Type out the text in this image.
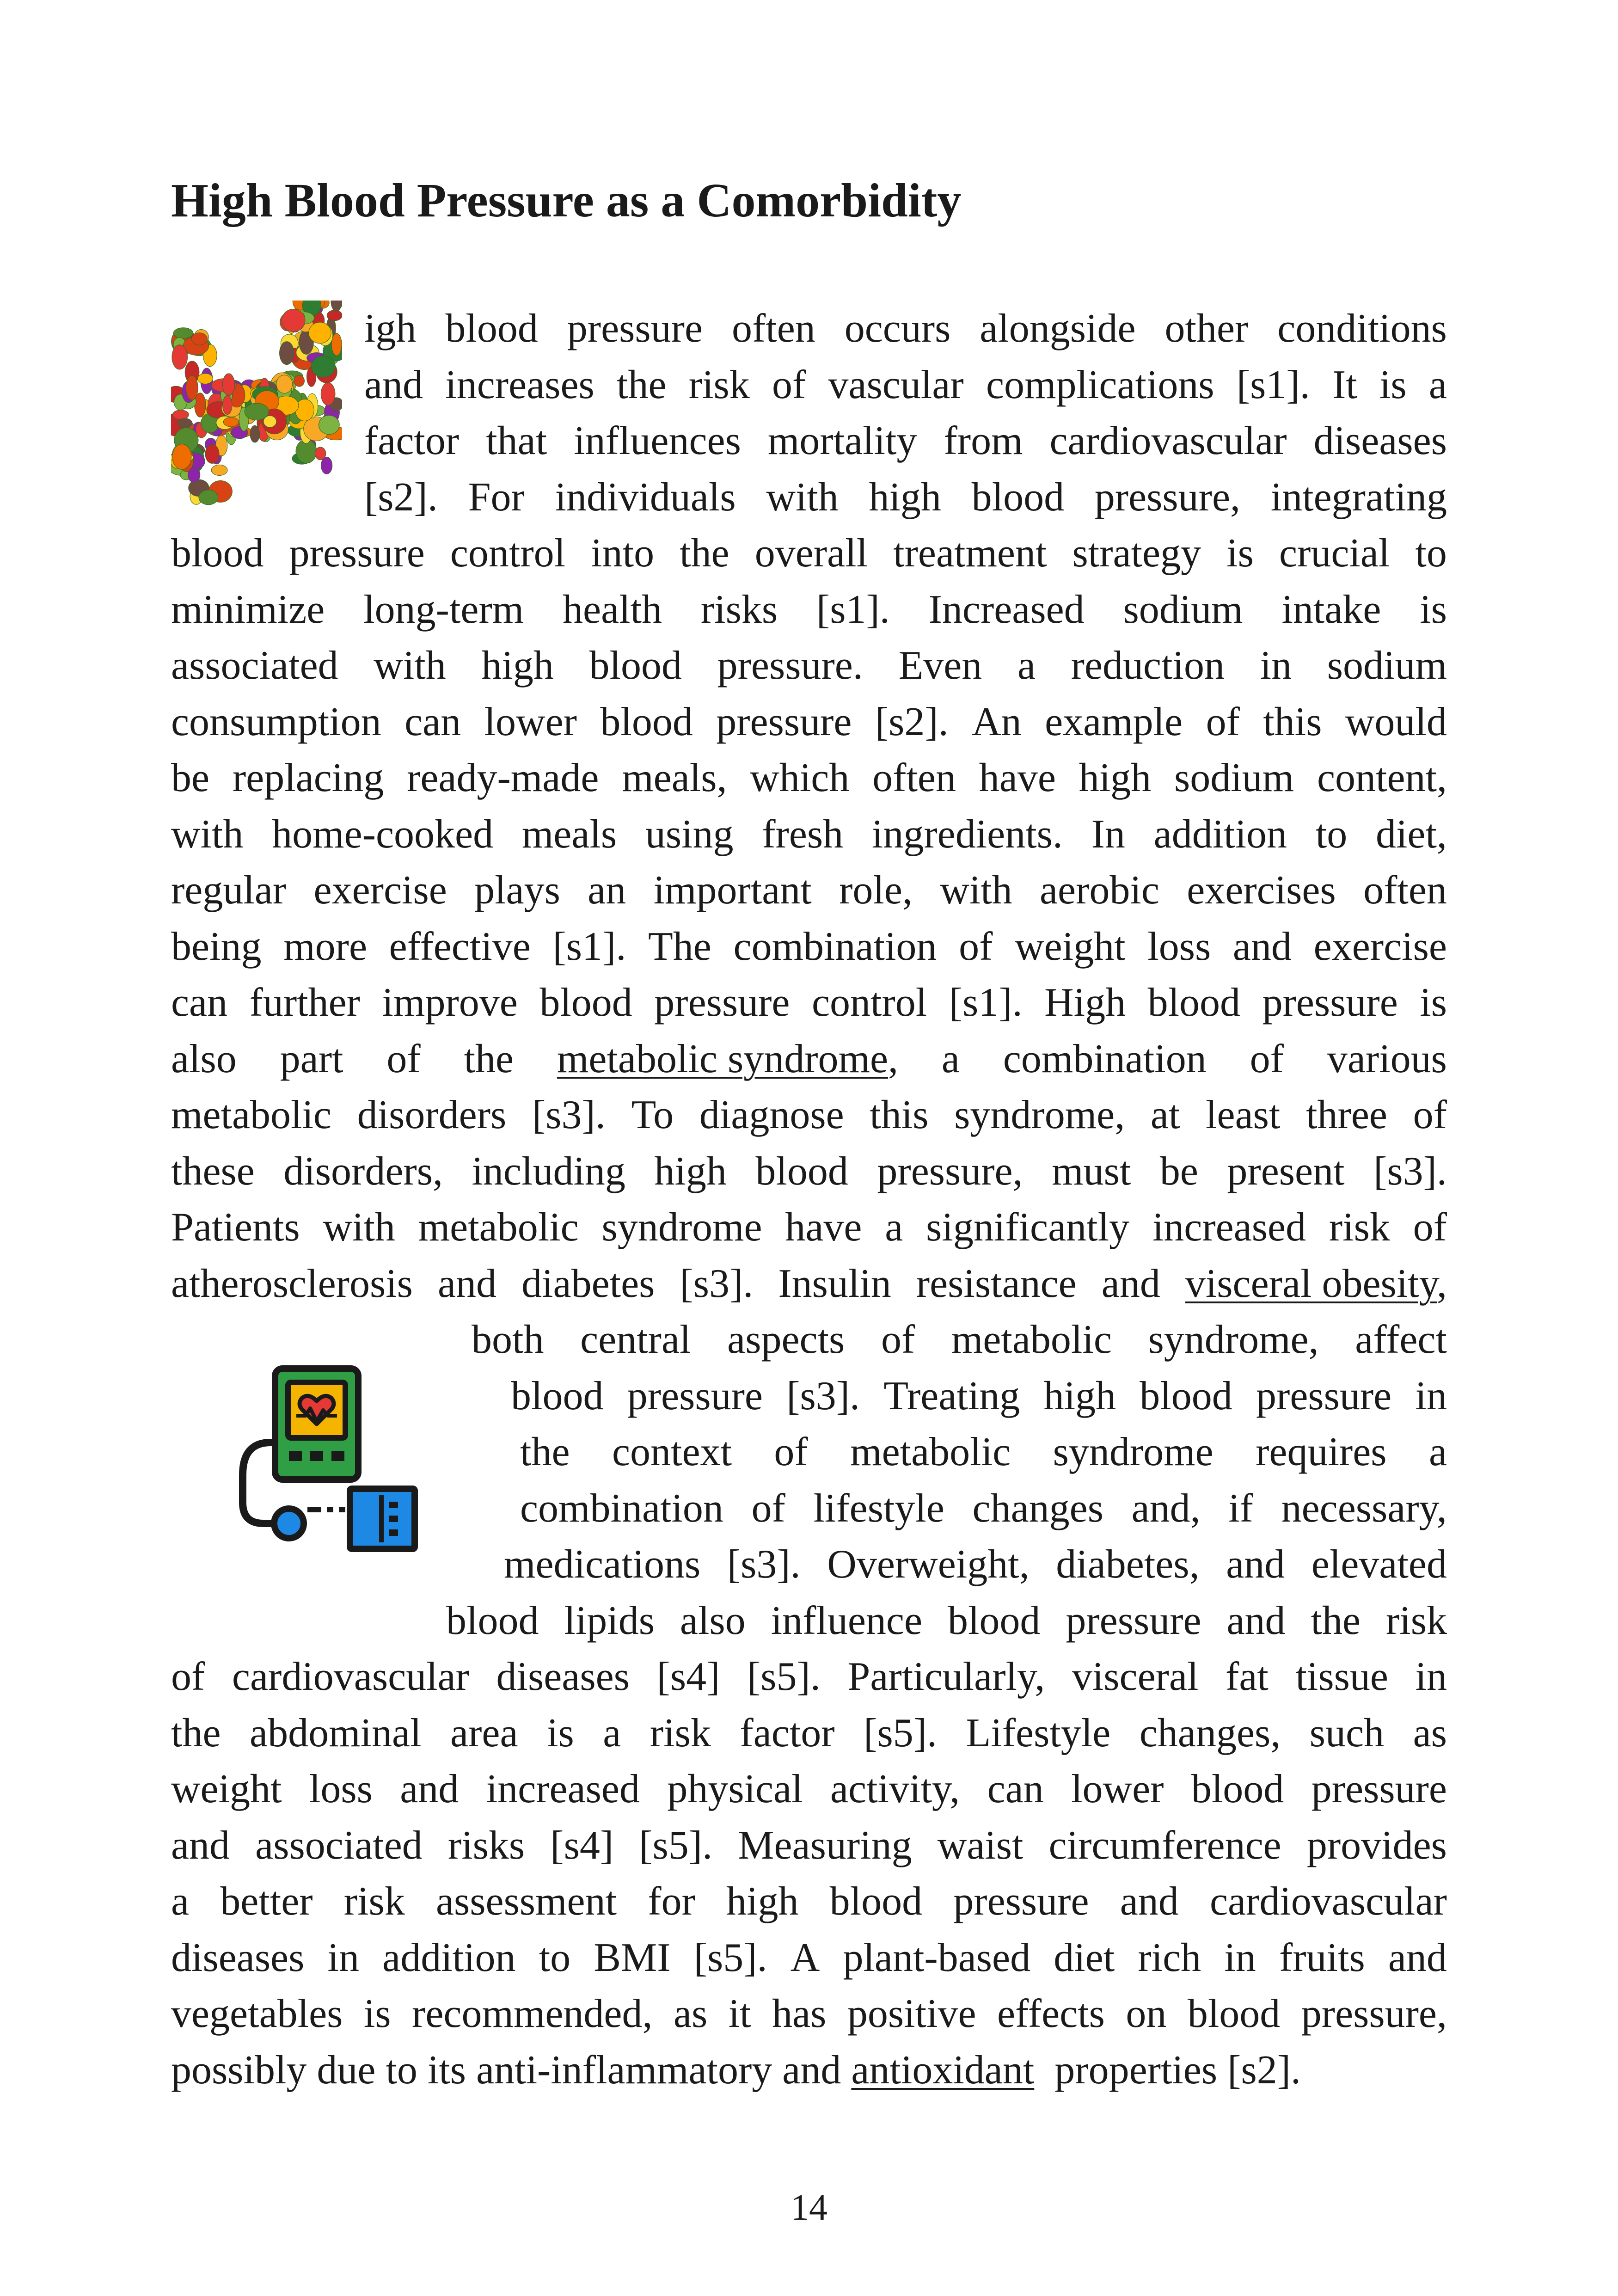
High Blood Pressure as a Comorbidity
igh blood pressure often occurs alongside other conditions
and increases the risk of vascular complications [s1]. It is a
factor that influences mortality from cardiovascular diseases
[s2]. For individuals with high blood pressure, integrating
blood pressure control into the overall treatment strategy is crucial to
minimize long-term health risks [s1]. Increased sodium intake is
associated with high blood pressure. Even a reduction in sodium
consumption can lower blood pressure [s2]. An example of this would
be replacing ready-made meals, which often have high sodium content,
with home-cooked meals using fresh ingredients. In addition to diet,
regular exercise plays an important role, with aerobic exercises often
being more effective [s1]. The combination of weight loss and exercise
can further improve blood pressure control [s1]. High blood pressure is
also part of the metabolic syndrome, a combination of various
metabolic disorders [s3]. To diagnose this syndrome, at least three of
these disorders, including high blood pressure, must be present [s3].
Patients with metabolic syndrome have a significantly increased risk of
atherosclerosis and diabetes [s3]. Insulin resistance and visceral obesity,
both central aspects of metabolic syndrome, affect
blood pressure [s3]. Treating high blood pressure in
the context of metabolic syndrome requires a
combination of lifestyle changes and, if necessary,
medications [s3]. Overweight, diabetes, and elevated
blood lipids also influence blood pressure and the risk
of cardiovascular diseases [s4] [s5]. Particularly, visceral fat tissue in
the abdominal area is a risk factor [s5]. Lifestyle changes, such as
weight loss and increased physical activity, can lower blood pressure
and associated risks [s4] [s5]. Measuring waist circumference provides
a better risk assessment for high blood pressure and cardiovascular
diseases in addition to BMI [s5]. A plant-based diet rich in fruits and
vegetables is recommended, as it has positive effects on blood pressure,
possibly due to its anti-inflammatory and antioxidant properties [s2].
14
